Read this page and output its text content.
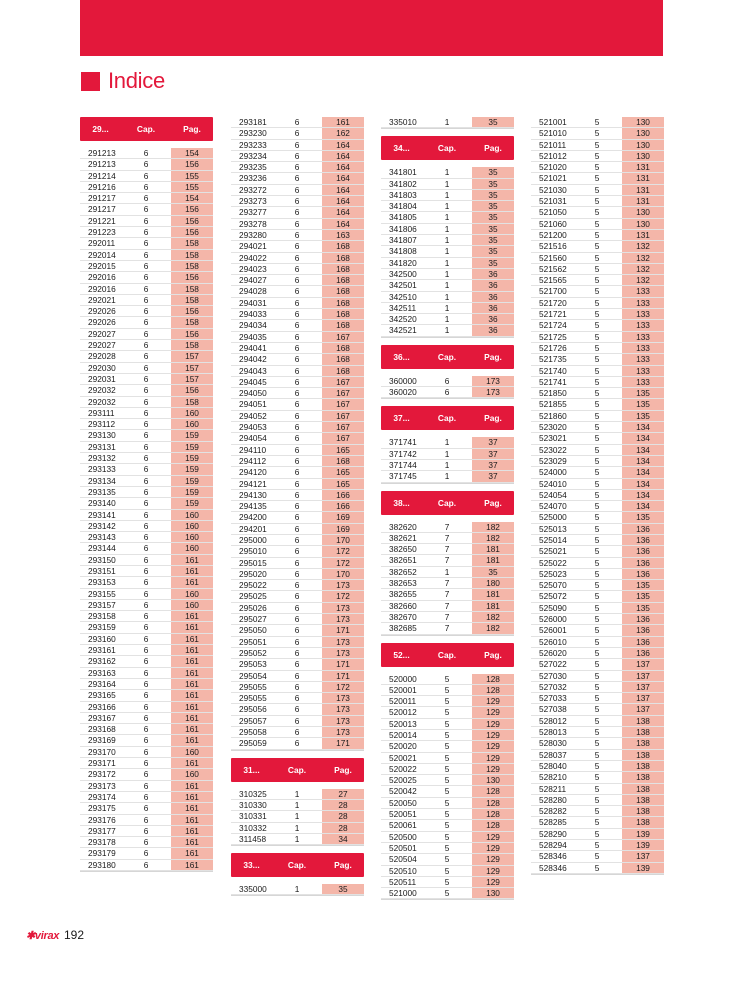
Indice
29...	Cap.	Pag.
291213	6	154
291213	6	156
291214	6	155
291216	6	155
291217	6	154
291217	6	156
291221	6	156
291223	6	156
292011	6	158
292014	6	158
292015	6	158
292016	6	156
292016	6	158
292021	6	158
292026	6	156
292026	6	158
292027	6	156
292027	6	158
292028	6	157
292030	6	157
292031	6	157
292032	6	156
292032	6	158
293111	6	160
293112	6	160
293130	6	159
293131	6	159
293132	6	159
293133	6	159
293134	6	159
293135	6	159
293140	6	159
293141	6	160
293142	6	160
293143	6	160
293144	6	160
293150	6	161
293151	6	161
293153	6	161
293155	6	160
293157	6	160
293158	6	161
293159	6	161
293160	6	161
293161	6	161
293162	6	161
293163	6	161
293164	6	161
293165	6	161
293166	6	161
293167	6	161
293168	6	161
293169	6	161
293170	6	160
293171	6	161
293172	6	160
293173	6	161
293174	6	161
293175	6	161
293176	6	161
293177	6	161
293178	6	161
293179	6	161
293180	6	161
293181	6	161
293230	6	162
293233	6	164
293234	6	164
293235	6	164
293236	6	164
293272	6	164
293273	6	164
293277	6	164
293278	6	164
293280	6	163
294021	6	168
294022	6	168
294023	6	168
294027	6	168
294028	6	168
294031	6	168
294033	6	168
294034	6	168
294035	6	167
294041	6	168
294042	6	168
294043	6	168
294045	6	167
294050	6	167
294051	6	167
294052	6	167
294053	6	167
294054	6	167
294110	6	165
294112	6	168
294120	6	165
294121	6	165
294130	6	166
294135	6	166
294200	6	169
294201	6	169
295000	6	170
295010	6	172
295015	6	172
295020	6	170
295022	6	173
295025	6	172
295026	6	173
295027	6	173
295050	6	171
295051	6	173
295052	6	173
295053	6	171
295054	6	171
295055	6	172
295055	6	173
295056	6	173
295057	6	173
295058	6	173
295059	6	171
31...	Cap.	Pag.
310325	1	27
310330	1	28
310331	1	28
310332	1	28
311458	1	34
33...	Cap.	Pag.
335000	1	35
335010	1	35
34...	Cap.	Pag.
341801	1	35
341802	1	35
341803	1	35
341804	1	35
341805	1	35
341806	1	35
341807	1	35
341808	1	35
341820	1	35
342500	1	36
342501	1	36
342510	1	36
342511	1	36
342520	1	36
342521	1	36
36...	Cap.	Pag.
360000	6	173
360020	6	173
37...	Cap.	Pag.
371741	1	37
371742	1	37
371744	1	37
371745	1	37
38...	Cap.	Pag.
382620	7	182
382621	7	182
382650	7	181
382651	7	181
382652	1	35
382653	7	180
382655	7	181
382660	7	181
382670	7	182
382685	7	182
52...	Cap.	Pag.
520000	5	128
520001	5	128
520011	5	129
520012	5	129
520013	5	129
520014	5	129
520020	5	129
520021	5	129
520022	5	129
520025	5	130
520042	5	128
520050	5	128
520051	5	128
520061	5	128
520500	5	129
520501	5	129
520504	5	129
520510	5	129
520511	5	129
521000	5	130
521001	5	130
521010	5	130
521011	5	130
521012	5	130
521020	5	131
521021	5	131
521030	5	131
521031	5	131
521050	5	130
521060	5	130
521200	5	131
521516	5	132
521560	5	132
521562	5	132
521565	5	132
521700	5	133
521720	5	133
521721	5	133
521724	5	133
521725	5	133
521726	5	133
521735	5	133
521740	5	133
521741	5	133
521850	5	135
521855	5	135
521860	5	135
523020	5	134
523021	5	134
523022	5	134
523029	5	134
524000	5	134
524010	5	134
524054	5	134
524070	5	134
525000	5	135
525013	5	136
525014	5	136
525021	5	136
525022	5	136
525023	5	136
525070	5	135
525072	5	135
525090	5	135
526000	5	136
526001	5	136
526010	5	136
526020	5	136
527022	5	137
527030	5	137
527032	5	137
527033	5	137
527038	5	137
528012	5	138
528013	5	138
528030	5	138
528037	5	138
528040	5	138
528210	5	138
528211	5	138
528280	5	138
528282	5	138
528285	5	138
528290	5	139
528294	5	139
528346	5	137
528346	5	139
✱virax 192
